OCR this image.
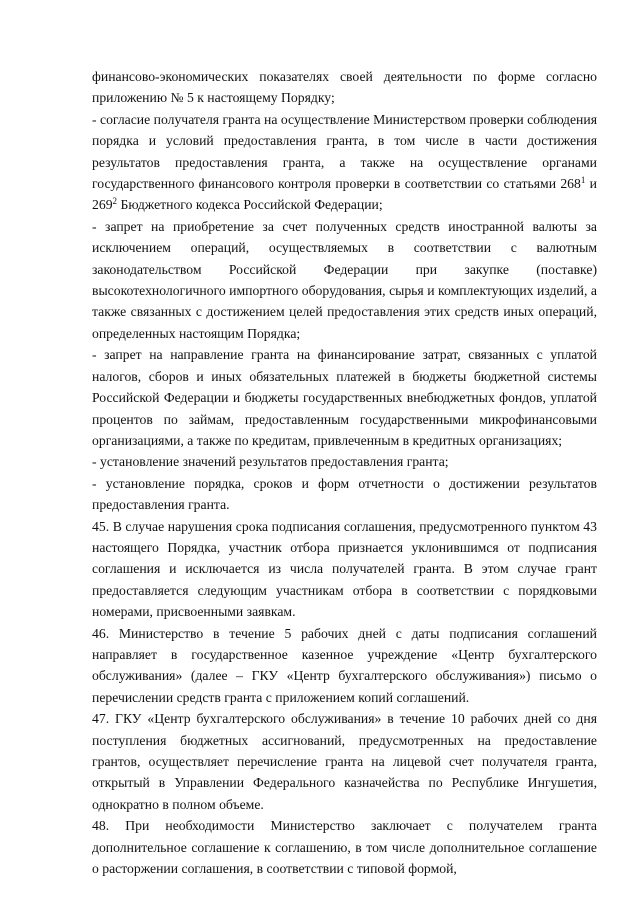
финансово-экономических показателях своей деятельности по форме согласно приложению № 5 к настоящему Порядку;

- согласие получателя гранта на осуществление Министерством проверки соблюдения порядка и условий предоставления гранта, в том числе в части достижения результатов предоставления гранта, а также на осуществление органами государственного финансового контроля проверки в соответствии со статьями $268^1$ и $269^2$ Бюджетного кодекса Российской Федерации;

- запрет на приобретение за счет полученных средств иностранной валюты за исключением операций, осуществляемых в соответствии с валютным законодательством Российской Федерации при закупке (поставке) высокотехнологичного импортного оборудования, сырья и комплектующих изделий, а также связанных с достижением целей предоставления этих средств иных операций, определенных настоящим Порядка;

- запрет на направление гранта на финансирование затрат, связанных с уплатой налогов, сборов и иных обязательных платежей в бюджеты бюджетной системы Российской Федерации и бюджеты государственных внебюджетных фондов, уплатой процентов по займам, предоставленным государственными микрофинансовыми организациями, а также по кредитам, привлеченным в кредитных организациях;

- установление значений результатов предоставления гранта;

- установление порядка, сроков и форм отчетности о достижении результатов предоставления гранта.

45. В случае нарушения срока подписания соглашения, предусмотренного пунктом 43 настоящего Порядка, участник отбора признается уклонившимся от подписания соглашения и исключается из числа получателей гранта. В этом случае грант предоставляется следующим участникам отбора в соответствии с порядковыми номерами, присвоенными заявкам.

46. Министерство в течение 5 рабочих дней с даты подписания соглашений направляет в государственное казенное учреждение «Центр бухгалтерского обслуживания» (далее – ГКУ «Центр бухгалтерского обслуживания») письмо о перечислении средств гранта с приложением копий соглашений.

47. ГКУ «Центр бухгалтерского обслуживания» в течение 10 рабочих дней со дня поступления бюджетных ассигнований, предусмотренных на предоставление грантов, осуществляет перечисление гранта на лицевой счет получателя гранта, открытый в Управлении Федерального казначейства по Республике Ингушетия, однократно в полном объеме.

48. При необходимости Министерство заключает с получателем гранта дополнительное соглашение к соглашению, в том числе дополнительное соглашение о расторжении соглашения, в соответствии с типовой формой,
